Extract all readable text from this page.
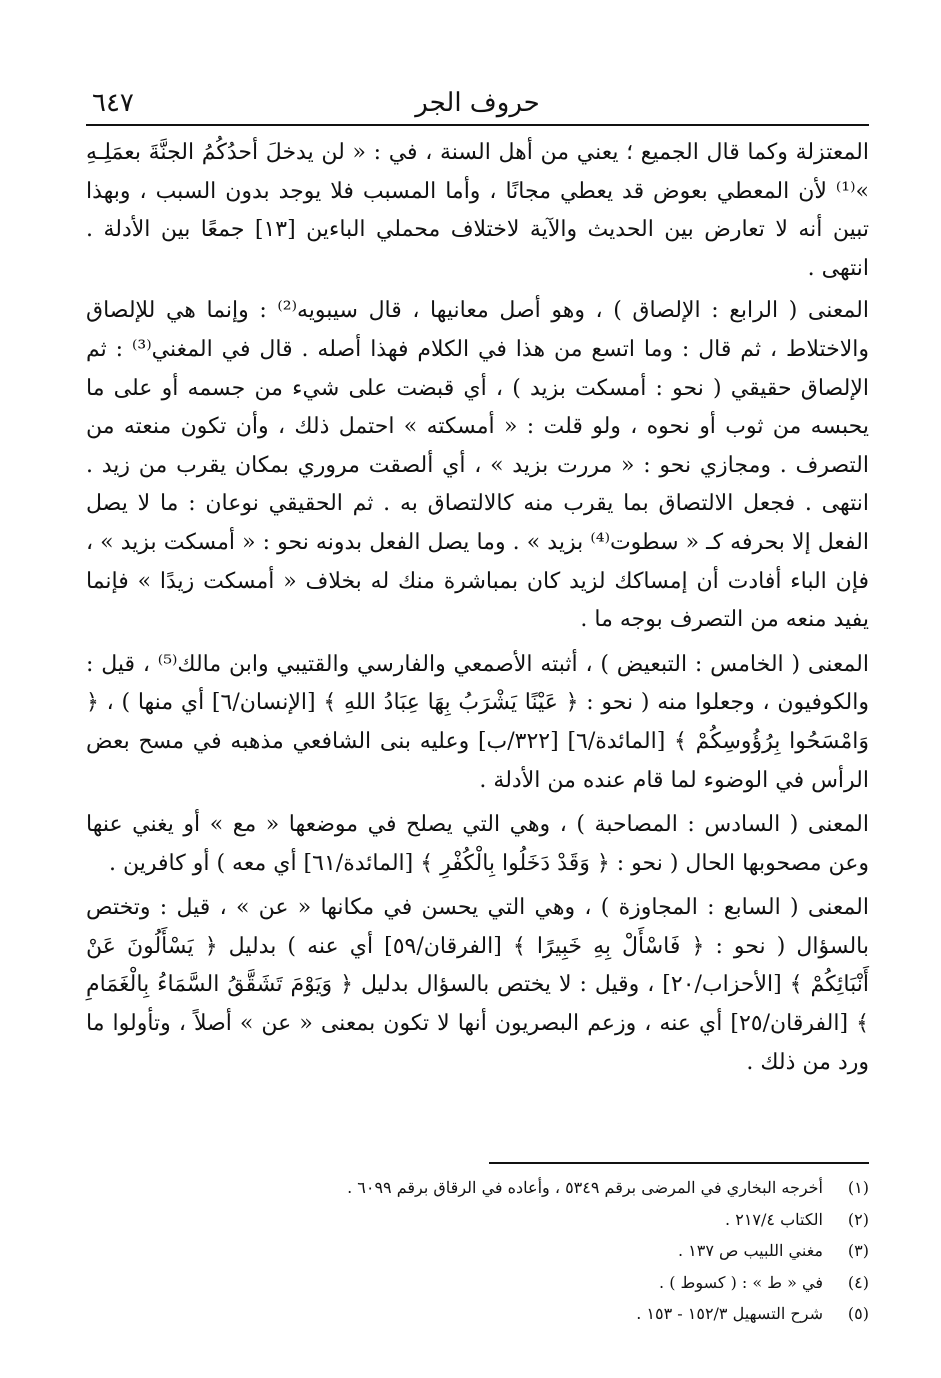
حروف الجر
٦٤٧

المعتزلة وكما قال الجميع ؛ يعني من أهل السنة ، في : « لن يدخلَ أحدُكُمُ الجنَّةَ بعمَلِـهِ »⁽¹⁾ لأن المعطي بعوض قد يعطي مجانًا ، وأما المسبب فلا يوجد بدون السبب ، وبهذا تبين أنه لا تعارض بين الحديث والآية لاختلاف محملي الباءين [١٣] جمعًا بين الأدلة . انتهى .

المعنى ( الرابع : الإلصاق ) ، وهو أصل معانيها ، قال سيبويه⁽²⁾ : وإنما هي للإلصاق والاختلاط ، ثم قال : وما اتسع من هذا في الكلام فهذا أصله . قال في المغني⁽³⁾ : ثم الإلصاق حقيقي ( نحو : أمسكت بزيد ) ، أي قبضت على شيء من جسمه أو على ما يحبسه من ثوب أو نحوه ، ولو قلت : « أمسكته » احتمل ذلك ، وأن تكون منعته من التصرف . ومجازي نحو : « مررت بزيد » ، أي ألصقت مروري بمكان يقرب من زيد . انتهى . فجعل الالتصاق بما يقرب منه كالالتصاق به . ثم الحقيقي نوعان : ما لا يصل الفعل إلا بحرفه كـ « سطوت⁽⁴⁾ بزيد » . وما يصل الفعل بدونه نحو : « أمسكت بزيد » ، فإن الباء أفادت أن إمساكك لزيد كان بمباشرة منك له بخلاف « أمسكت زيدًا » فإنما يفيد منعه من التصرف بوجه ما .

المعنى ( الخامس : التبعيض ) ، أثبته الأصمعي والفارسي والقتيبي وابن مالك⁽⁵⁾ ، قيل : والكوفيون ، وجعلوا منه ( نحو : ﴿ عَيْنًا يَشْرَبُ بِهَا عِبَادُ اللهِ ﴾ [الإنسان/٦] أي منها ) ، ﴿ وَامْسَحُوا بِرُؤُوسِكُمْ ﴾ [المائدة/٦] [٣٢٢/ب] وعليه بنى الشافعي مذهبه في مسح بعض الرأس في الوضوء لما قام عنده من الأدلة .

المعنى ( السادس : المصاحبة ) ، وهي التي يصلح في موضعها « مع » أو يغني عنها وعن مصحوبها الحال ( نحو : ﴿ وَقَدْ دَخَلُوا بِالْكُفْرِ ﴾ [المائدة/٦١] أي معه ) أو كافرين .

المعنى ( السابع : المجاوزة ) ، وهي التي يحسن في مكانها « عن » ، قيل : وتختص بالسؤال ( نحو : ﴿ فَاسْأَلْ بِهِ خَبِيرًا ﴾ [الفرقان/٥٩] أي عنه ) بدليل ﴿ يَسْأَلُونَ عَنْ أَنْبَائِكُمْ ﴾ [الأحزاب/٢٠] ، وقيل : لا يختص بالسؤال بدليل ﴿ وَيَوْمَ تَشَقَّقُ السَّمَاءُ بِالْغَمَامِ ﴾ [الفرقان/٢٥] أي عنه ، وزعم البصريون أنها لا تكون بمعنى « عن » أصلاً ، وتأولوا ما ورد من ذلك .

(١)
أخرجه البخاري في المرضى برقم ٥٣٤٩ ، وأعاده في الرقاق برقم ٦٠٩٩ .
(٢)
الكتاب ٢١٧/٤ .
(٣)
مغني اللبيب ص ١٣٧ .
(٤)
في « ط » : ( كسوط ) .
(٥)
شرح التسهيل ١٥٢/٣ - ١٥٣ .
